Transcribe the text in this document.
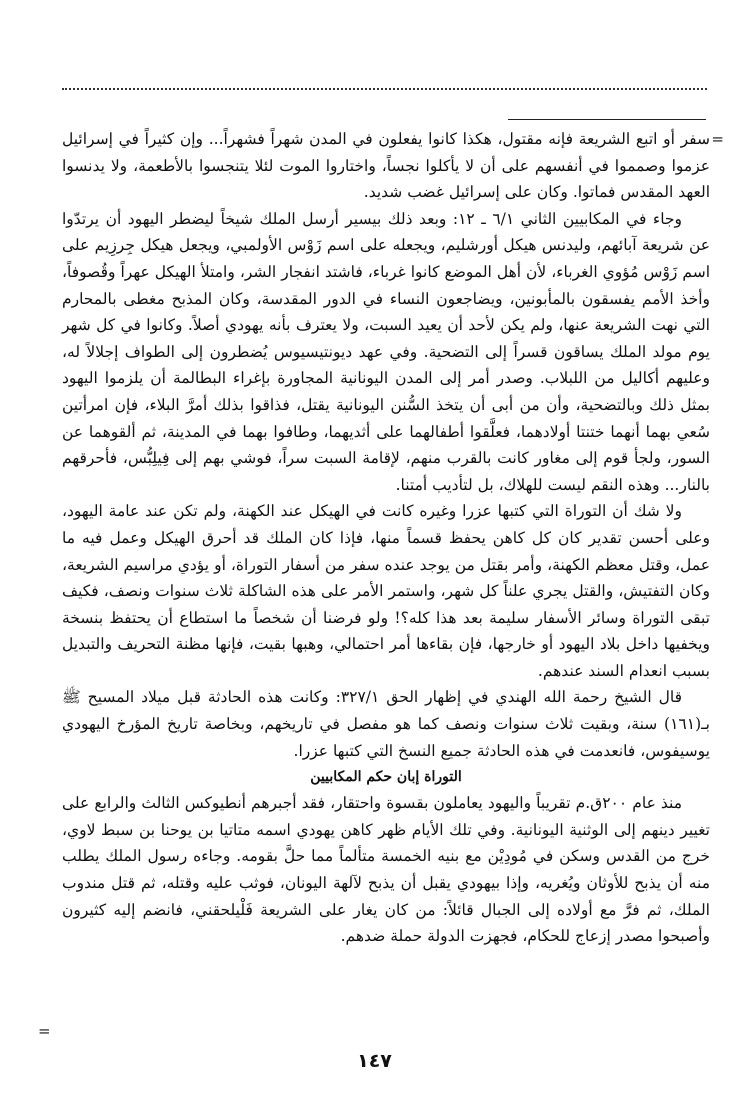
=
سفر أو اتبع الشريعة فإنه مقتول، هكذا كانوا يفعلون في المدن شهراً فشهراً... وإن كثيراً في إسرائيل عزموا وصمموا في أنفسهم على أن لا يأكلوا نجساً، واختاروا الموت لئلا يتنجسوا بالأطعمة، ولا يدنسوا العهد المقدس فماتوا. وكان على إسرائيل غضب شديد.

وجاء في المكابيين الثاني ٦/١ ـ ١٢: وبعد ذلك بيسير أرسل الملك شيخاً ليضطر اليهود أن يرتدّوا عن شريعة آبائهم، وليدنس هيكل أورشليم، ويجعله على اسم زَوْس الأولمبي، ويجعل هيكل جِرزِيم على اسم زَوْس مُؤوي الغرباء، لأن أهل الموضع كانوا غرباء، فاشتد انفجار الشر، وامتلأ الهيكل عهراً وقُصوفاً، وأخذ الأمم يفسقون بالمأبونين، ويضاجعون النساء في الدور المقدسة، وكان المذبح مغطى بالمحارم التي نهت الشريعة عنها، ولم يكن لأحد أن يعيد السبت، ولا يعترف بأنه يهودي أصلاً. وكانوا في كل شهر يوم مولد الملك يساقون قسراً إلى التضحية. وفي عهد ديونتيسيوس يُضطرون إلى الطواف إجلالاً له، وعليهم أكاليل من اللبلاب. وصدر أمر إلى المدن اليونانية المجاورة بإغراء البطالمة أن يلزموا اليهود بمثل ذلك وبالتضحية، وأن من أبى أن يتخذ السُّنن اليونانية يقتل، فذاقوا بذلك أمرَّ البلاء، فإن امرأتين سُعي بهما أنهما ختنتا أولادهما، فعلَّقوا أطفالهما على أثديهما، وطافوا بهما في المدينة، ثم ألقوهما عن السور، ولجأ قوم إلى مغاور كانت بالقرب منهم، لإقامة السبت سراً، فوشي بهم إلى فِيلِبُّس، فأحرقهم بالنار... وهذه النقم ليست للهلاك، بل لتأديب أمتنا.

ولا شك أن التوراة التي كتبها عزرا وغيره كانت في الهيكل عند الكهنة، ولم تكن عند عامة اليهود، وعلى أحسن تقدير كان كل كاهن يحفظ قسماً منها، فإذا كان الملك قد أحرق الهيكل وعمل فيه ما عمل، وقتل معظم الكهنة، وأمر بقتل من يوجد عنده سفر من أسفار التوراة، أو يؤدي مراسيم الشريعة، وكان التفتيش، والقتل يجري علناً كل شهر، واستمر الأمر على هذه الشاكلة ثلاث سنوات ونصف، فكيف تبقى التوراة وسائر الأسفار سليمة بعد هذا كله؟! ولو فرضنا أن شخصاً ما استطاع أن يحتفظ بنسخة ويخفيها داخل بلاد اليهود أو خارجها، فإن بقاءها أمر احتمالي، وهبها بقيت، فإنها مظنة التحريف والتبديل بسبب انعدام السند عندهم.

قال الشيخ رحمة الله الهندي في إظهار الحق ٣٢٧/١: وكانت هذه الحادثة قبل ميلاد المسيح ﷺ بـ(١٦١) سنة، وبقيت ثلاث سنوات ونصف كما هو مفصل في تاريخهم، وبخاصة تاريخ المؤرخ اليهودي يوسيفوس، فانعدمت في هذه الحادثة جميع النسخ التي كتبها عزرا.

التوراة إبان حكم المكابيين

منذ عام ٢٠٠ق.م تقريباً واليهود يعاملون بقسوة واحتقار، فقد أجبرهم أنطيوكس الثالث والرابع على تغيير دينهم إلى الوثنية اليونانية. وفي تلك الأيام ظهر كاهن يهودي اسمه متاتيا بن يوحنا بن سبط لاوي، خرج من القدس وسكن في مُودِيْن مع بنيه الخمسة متألماً مما حلَّ بقومه. وجاءه رسول الملك يطلب منه أن يذبح للأوثان ويُغريه، وإذا بيهودي يقبل أن يذبح لآلهة اليونان، فوثب عليه وقتله، ثم قتل مندوب الملك، ثم فرَّ مع أولاده إلى الجبال قائلاً: من كان يغار على الشريعة فَلْيلحقني، فانضم إليه كثيرون وأصبحوا مصدر إزعاج للحكام، فجهزت الدولة حملة ضدهم.

=
١٤٧
